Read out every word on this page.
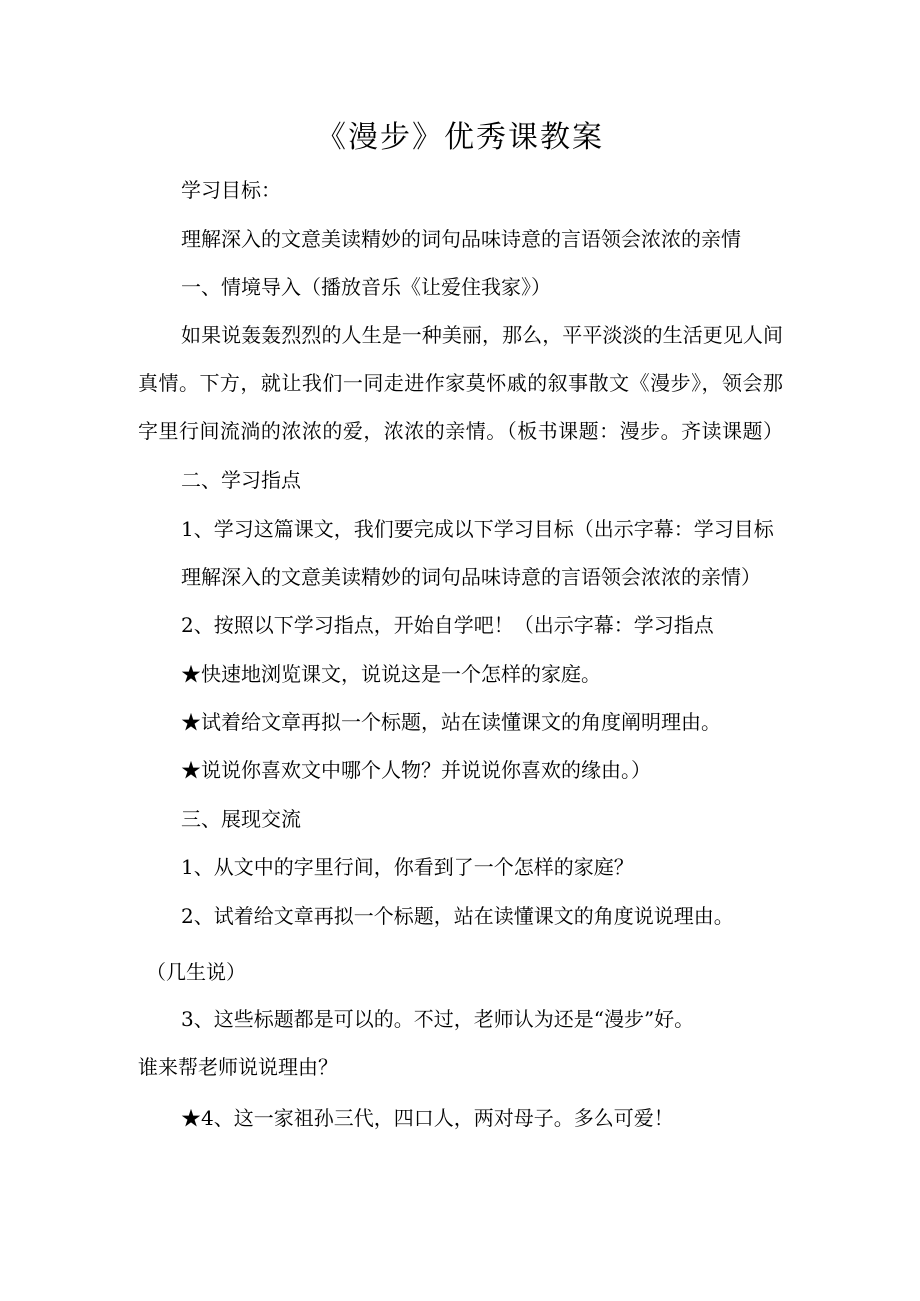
《漫步》优秀课教案
学习目标：
理解深入的文意美读精妙的词句品味诗意的言语领会浓浓的亲情
一、情境导入（播放音乐《让爱住我家》）
如果说轰轰烈烈的人生是一种美丽，那么，平平淡淡的生活更见人间
真情。下方，就让我们一同走进作家莫怀戚的叙事散文《漫步》，领会那
字里行间流淌的浓浓的爱，浓浓的亲情。（板书课题：漫步。齐读课题）
二、学习指点
1、学习这篇课文，我们要完成以下学习目标（出示字幕：学习目标
理解深入的文意美读精妙的词句品味诗意的言语领会浓浓的亲情）
2、按照以下学习指点，开始自学吧！（出示字幕：学习指点
★快速地浏览课文，说说这是一个怎样的家庭。
★试着给文章再拟一个标题，站在读懂课文的角度阐明理由。
★说说你喜欢文中哪个人物？并说说你喜欢的缘由。）
三、展现交流
1、从文中的字里行间，你看到了一个怎样的家庭？
2、试着给文章再拟一个标题，站在读懂课文的角度说说理由。
（几生说）
3、这些标题都是可以的。不过，老师认为还是“漫步”好。
谁来帮老师说说理由？
★4、这一家祖孙三代，四口人，两对母子。多么可爱！
